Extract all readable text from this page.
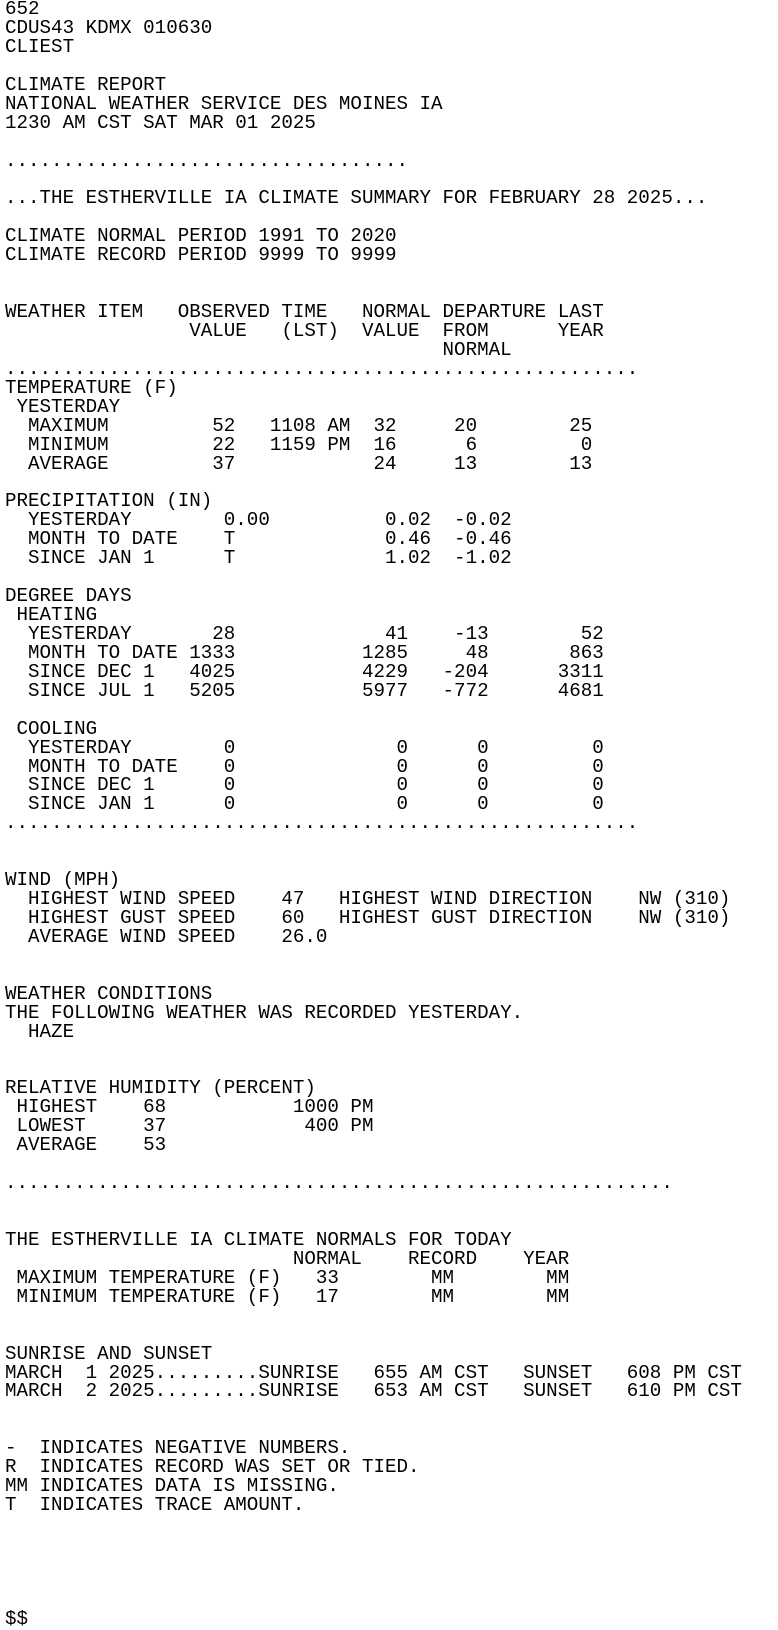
652
CDUS43 KDMX 010630
CLIEST
CLIMATE REPORT
NATIONAL WEATHER SERVICE DES MOINES IA
1230 AM CST SAT MAR 01 2025
...................................
...THE ESTHERVILLE IA CLIMATE SUMMARY FOR FEBRUARY 28 2025...
CLIMATE NORMAL PERIOD 1991 TO 2020
CLIMATE RECORD PERIOD 9999 TO 9999
WEATHER ITEM   OBSERVED TIME   NORMAL DEPARTURE LAST
VALUE   (LST)  VALUE  FROM      YEAR
NORMAL
.......................................................
TEMPERATURE (F)
YESTERDAY
MAXIMUM         52   1108 AM  32     20        25
MINIMUM         22   1159 PM  16      6         0
AVERAGE         37            24     13        13
PRECIPITATION (IN)
YESTERDAY        0.00          0.02  -0.02
MONTH TO DATE    T             0.46  -0.46
SINCE JAN 1      T             1.02  -1.02
DEGREE DAYS
HEATING
YESTERDAY       28             41    -13        52
MONTH TO DATE 1333           1285     48       863
SINCE DEC 1   4025           4229   -204      3311
SINCE JUL 1   5205           5977   -772      4681
COOLING
YESTERDAY        0              0      0         0
MONTH TO DATE    0              0      0         0
SINCE DEC 1      0              0      0         0
SINCE JAN 1      0              0      0         0
.......................................................
WIND (MPH)
HIGHEST WIND SPEED    47   HIGHEST WIND DIRECTION    NW (310)
HIGHEST GUST SPEED    60   HIGHEST GUST DIRECTION    NW (310)
AVERAGE WIND SPEED    26.0
WEATHER CONDITIONS
THE FOLLOWING WEATHER WAS RECORDED YESTERDAY.
HAZE
RELATIVE HUMIDITY (PERCENT)
HIGHEST    68           1000 PM
LOWEST     37            400 PM
AVERAGE    53
..........................................................
THE ESTHERVILLE IA CLIMATE NORMALS FOR TODAY
NORMAL    RECORD    YEAR
MAXIMUM TEMPERATURE (F)   33        MM        MM
MINIMUM TEMPERATURE (F)   17        MM        MM
SUNRISE AND SUNSET
MARCH  1 2025.........SUNRISE   655 AM CST   SUNSET   608 PM CST
MARCH  2 2025.........SUNRISE   653 AM CST   SUNSET   610 PM CST
-  INDICATES NEGATIVE NUMBERS.
R  INDICATES RECORD WAS SET OR TIED.
MM INDICATES DATA IS MISSING.
T  INDICATES TRACE AMOUNT.
$$
